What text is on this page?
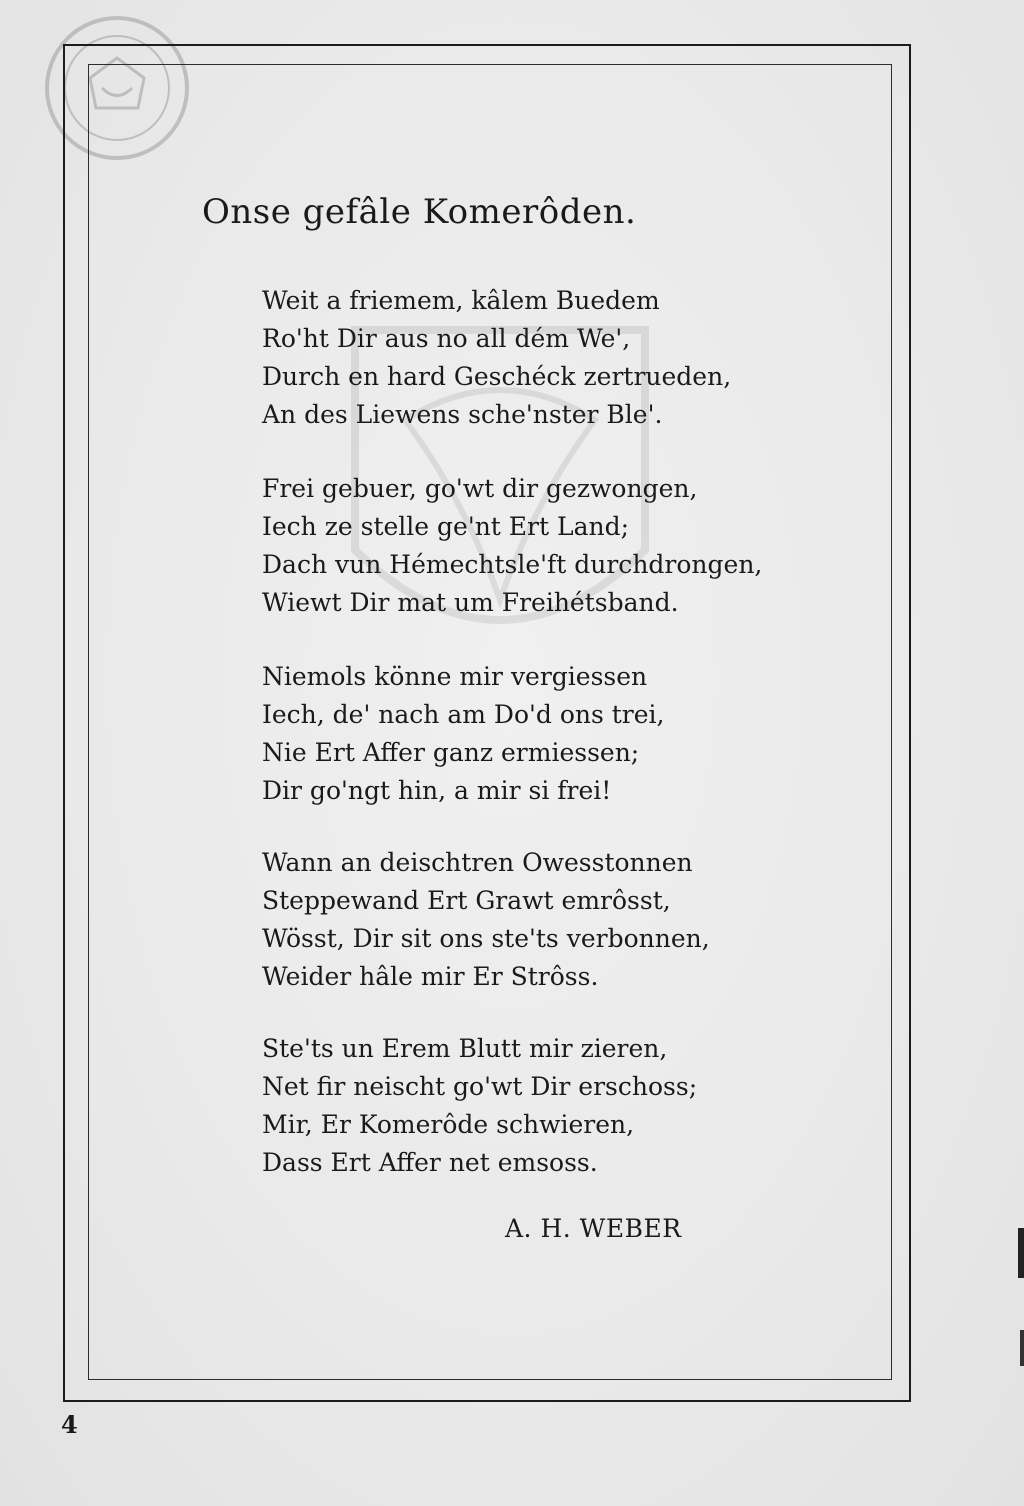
Onse gefâle Komerôden.
Weit a friemem, kâlem Buedem
Ro'ht Dir aus no all dém We',
Durch en hard Geschéck zertrueden,
An des Liewens sche'nster Ble'.
Frei gebuer, go'wt dir gezwongen,
Iech ze stelle ge'nt Ert Land;
Dach vun Hémechtsle'ft durchdrongen,
Wiewt Dir mat um Freihétsband.
Niemols könne mir vergiessen
Iech, de' nach am Do'd ons trei,
Nie Ert Affer ganz ermiessen;
Dir go'ngt hin, a mir si frei!
Wann an deischtren Owesstonnen
Steppewand Ert Grawt emrôsst,
Wösst, Dir sit ons ste'ts verbonnen,
Weider hâle mir Er Strôss.
Ste'ts un Erem Blutt mir zieren,
Net fir neischt go'wt Dir erschoss;
Mir, Er Komerôde schwieren,
Dass Ert Affer net emsoss.

A. H. WEBER

4
